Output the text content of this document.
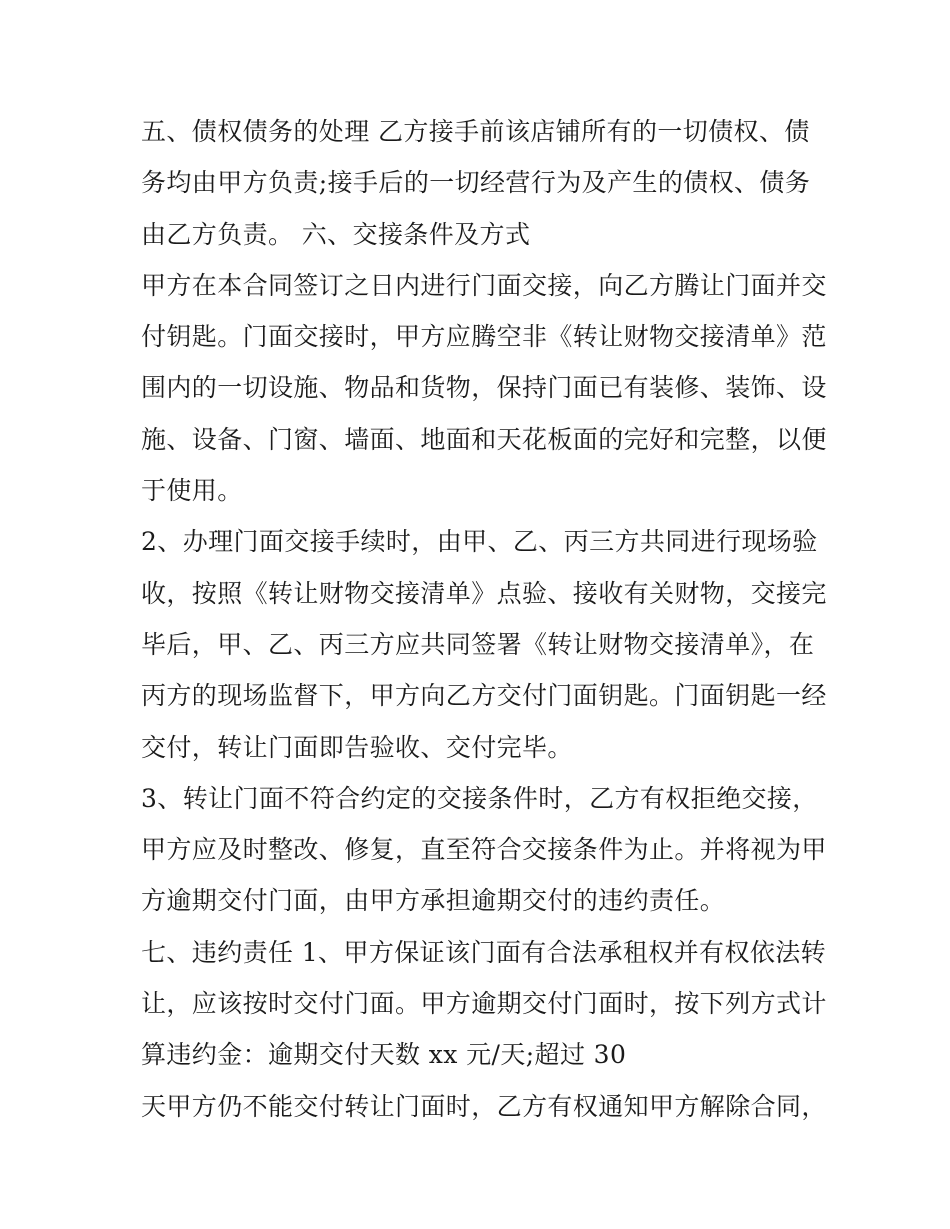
五、债权债务的处理 乙方接手前该店铺所有的一切债权、债
务均由甲方负责;接手后的一切经营行为及产生的债权、债务
由乙方负责。 六、交接条件及方式
甲方在本合同签订之日内进行门面交接，向乙方腾让门面并交
付钥匙。门面交接时，甲方应腾空非《转让财物交接清单》范
围内的一切设施、物品和货物，保持门面已有装修、装饰、设
施、设备、门窗、墙面、地面和天花板面的完好和完整，以便
于使用。
2、办理门面交接手续时，由甲、乙、丙三方共同进行现场验
收，按照《转让财物交接清单》点验、接收有关财物，交接完
毕后，甲、乙、丙三方应共同签署《转让财物交接清单》，在
丙方的现场监督下，甲方向乙方交付门面钥匙。门面钥匙一经
交付，转让门面即告验收、交付完毕。
3、转让门面不符合约定的交接条件时，乙方有权拒绝交接，
甲方应及时整改、修复，直至符合交接条件为止。并将视为甲
方逾期交付门面，由甲方承担逾期交付的违约责任。
七、违约责任 1、甲方保证该门面有合法承租权并有权依法转
让，应该按时交付门面。甲方逾期交付门面时，按下列方式计
算违约金：逾期交付天数 xx 元/天;超过 30
天甲方仍不能交付转让门面时，乙方有权通知甲方解除合同，
